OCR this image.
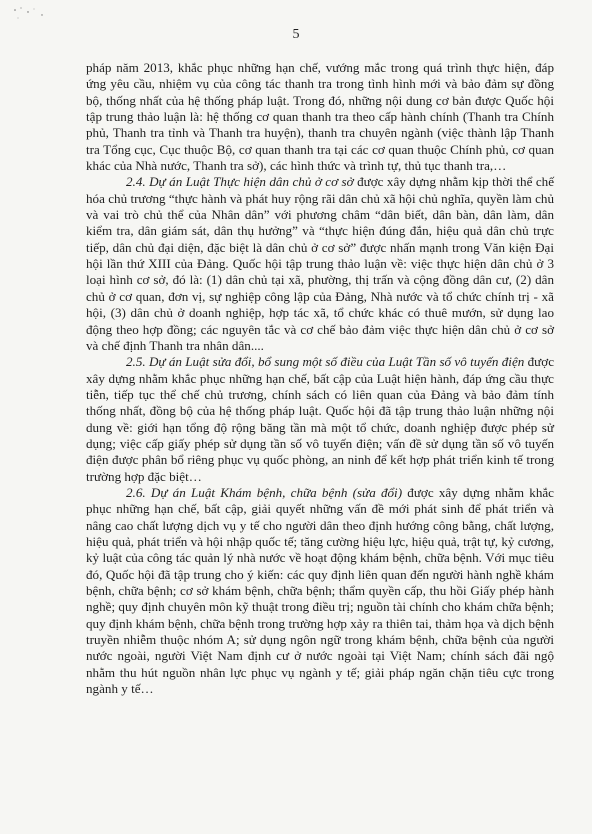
5

pháp năm 2013, khắc phục những hạn chế, vướng mắc trong quá trình thực hiện, đáp ứng yêu cầu, nhiệm vụ của công tác thanh tra trong tình hình mới và bảo đảm sự đồng bộ, thống nhất của hệ thống pháp luật. Trong đó, những nội dung cơ bản được Quốc hội tập trung thảo luận là: hệ thống cơ quan thanh tra theo cấp hành chính (Thanh tra Chính phủ, Thanh tra tỉnh và Thanh tra huyện), thanh tra chuyên ngành (việc thành lập Thanh tra Tổng cục, Cục thuộc Bộ, cơ quan thanh tra tại các cơ quan thuộc Chính phủ, cơ quan khác của Nhà nước, Thanh tra sở), các hình thức và trình tự, thủ tục thanh tra,…

2.4. Dự án Luật Thực hiện dân chủ ở cơ sở được xây dựng nhằm kịp thời thể chế hóa chủ trương “thực hành và phát huy rộng rãi dân chủ xã hội chủ nghĩa, quyền làm chủ và vai trò chủ thể của Nhân dân” với phương châm “dân biết, dân bàn, dân làm, dân kiểm tra, dân giám sát, dân thụ hưởng” và “thực hiện đúng đắn, hiệu quả dân chủ trực tiếp, dân chủ đại diện, đặc biệt là dân chủ ở cơ sở” được nhấn mạnh trong Văn kiện Đại hội lần thứ XIII của Đảng. Quốc hội tập trung thảo luận về: việc thực hiện dân chủ ở 3 loại hình cơ sở, đó là: (1) dân chủ tại xã, phường, thị trấn và cộng đồng dân cư, (2) dân chủ ở cơ quan, đơn vị, sự nghiệp công lập của Đảng, Nhà nước và tổ chức chính trị - xã hội, (3) dân chủ ở doanh nghiệp, hợp tác xã, tổ chức khác có thuê mướn, sử dụng lao động theo hợp đồng; các nguyên tắc và cơ chế bảo đảm việc thực hiện dân chủ ở cơ sở và chế định Thanh tra nhân dân....

2.5. Dự án Luật sửa đổi, bổ sung một số điều của Luật Tần số vô tuyến điện được xây dựng nhằm khắc phục những hạn chế, bất cập của Luật hiện hành, đáp ứng cầu thực tiễn, tiếp tục thể chế chủ trương, chính sách có liên quan của Đảng và bảo đảm tính thống nhất, đồng bộ của hệ thống pháp luật. Quốc hội đã tập trung thảo luận những nội dung về: giới hạn tổng độ rộng băng tần mà một tổ chức, doanh nghiệp được phép sử dụng; việc cấp giấy phép sử dụng tần số vô tuyến điện; vấn đề sử dụng tần số vô tuyến điện được phân bổ riêng phục vụ quốc phòng, an ninh để kết hợp phát triển kinh tế trong trường hợp đặc biệt…

2.6. Dự án Luật Khám bệnh, chữa bệnh (sửa đổi) được xây dựng nhằm khắc phục những hạn chế, bất cập, giải quyết những vấn đề mới phát sinh để phát triển và nâng cao chất lượng dịch vụ y tế cho người dân theo định hướng công bằng, chất lượng, hiệu quả, phát triển và hội nhập quốc tế; tăng cường hiệu lực, hiệu quả, trật tự, kỷ cương, kỷ luật của công tác quản lý nhà nước về hoạt động khám bệnh, chữa bệnh. Với mục tiêu đó, Quốc hội đã tập trung cho ý kiến: các quy định liên quan đến người hành nghề khám bệnh, chữa bệnh; cơ sở khám bệnh, chữa bệnh; thẩm quyền cấp, thu hồi Giấy phép hành nghề; quy định chuyên môn kỹ thuật trong điều trị; nguồn tài chính cho khám chữa bệnh; quy định khám bệnh, chữa bệnh trong trường hợp xảy ra thiên tai, thảm họa và dịch bệnh truyền nhiễm thuộc nhóm A; sử dụng ngôn ngữ trong khám bệnh, chữa bệnh của người nước ngoài, người Việt Nam định cư ở nước ngoài tại Việt Nam; chính sách đãi ngộ nhằm thu hút nguồn nhân lực phục vụ ngành y tế; giải pháp ngăn chặn tiêu cực trong ngành y tế…
